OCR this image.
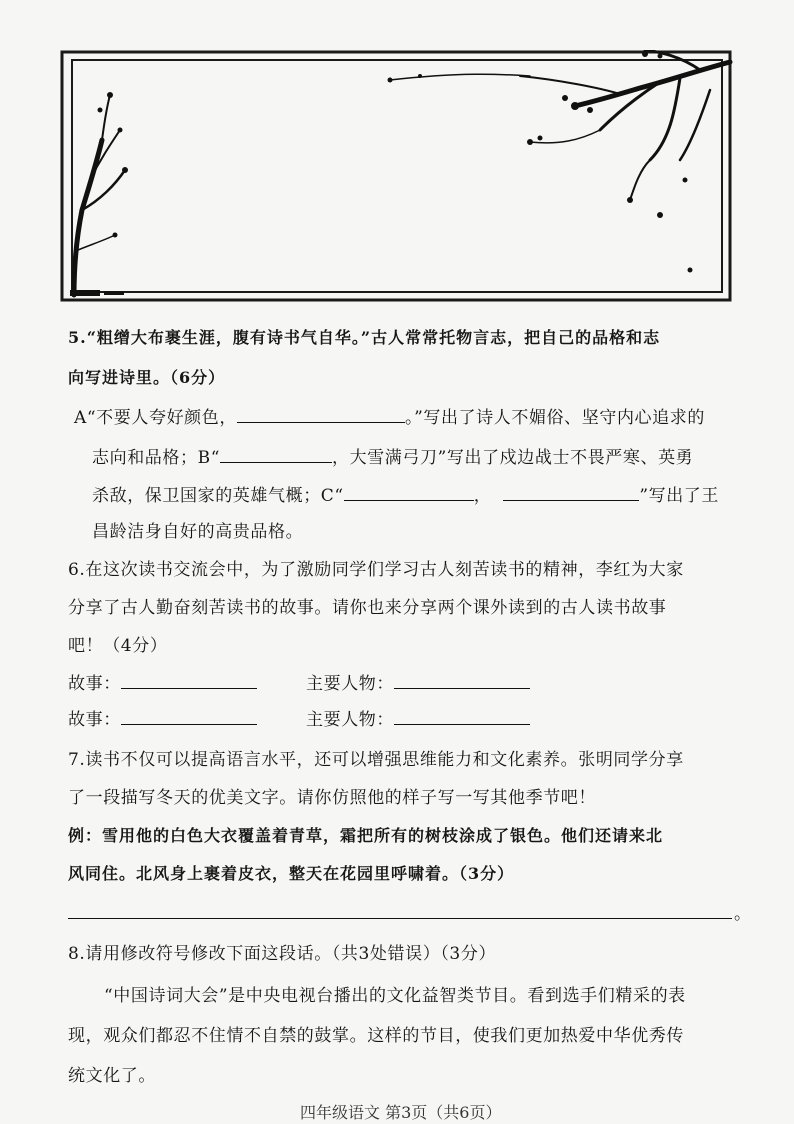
5.“粗缯大布裹生涯，腹有诗书气自华。”古人常常托物言志，把自己的品格和志
向写进诗里。（6分）
A“不要人夸好颜色，	。”写出了诗人不媚俗、坚守内心追求的
志向和品格；B“	，大雪满弓刀”写出了戍边战士不畏严寒、英勇
杀敌，保卫国家的英雄气概；C“	，	”写出了王
昌龄洁身自好的高贵品格。
6.在这次读书交流会中，为了激励同学们学习古人刻苦读书的精神，李红为大家
分享了古人勤奋刻苦读书的故事。请你也来分享两个课外读到的古人读书故事
吧！（4分）
故事：	主要人物：
故事：	主要人物：
7.读书不仅可以提高语言水平，还可以增强思维能力和文化素养。张明同学分享
了一段描写冬天的优美文字。请你仿照他的样子写一写其他季节吧！
例：雪用他的白色大衣覆盖着青草，霜把所有的树枝涂成了银色。他们还请来北
风同住。北风身上裹着皮衣，整天在花园里呼啸着。（3分）
。
8.请用修改符号修改下面这段话。（共3处错误）（3分）
“中国诗词大会”是中央电视台播出的文化益智类节目。看到选手们精采的表
现，观众们都忍不住情不自禁的鼓掌。这样的节目，使我们更加热爱中华优秀传
统文化了。
四年级语文 第3页（共6页）
